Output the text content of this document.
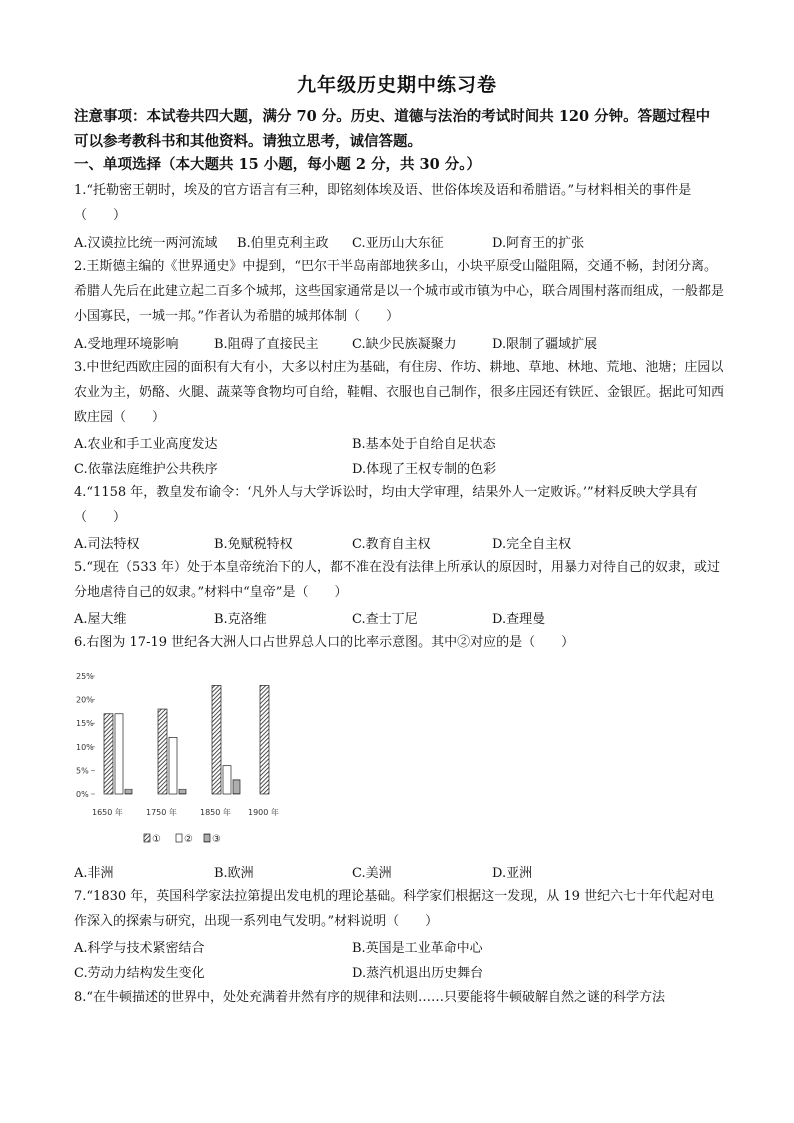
九年级历史期中练习卷
注意事项：本试卷共四大题，满分 70 分。历史、道德与法治的考试时间共 120 分钟。答题过程中可以参考教科书和其他资料。请独立思考，诚信答题。
一、单项选择（本大题共 15 小题，每小题 2 分，共 30 分。）
1.“托勒密王朝时，埃及的官方语言有三种，即铭刻体埃及语、世俗体埃及语和希腊语。”与材料相关的事件是（　　）
A.汉谟拉比统一两河流域 B.伯里克利主政 C.亚历山大东征	D.阿育王的扩张
2.王斯德主编的《世界通史》中提到，“巴尔干半岛南部地狭多山，小块平原受山隘阻隔，交通不畅，封闭分离。希腊人先后在此建立起二百多个城邦，这些国家通常是以一个城市或市镇为中心，联合周围村落而组成，一般都是小国寡民，一城一邦。”作者认为希腊的城邦体制（　　）
A.受地理环境影响	B.阻碍了直接民主	C.缺少民族凝聚力	D.限制了疆域扩展
3.中世纪西欧庄园的面积有大有小，大多以村庄为基础，有住房、作坊、耕地、草地、林地、荒地、池塘；庄园以农业为主，奶酪、火腿、蔬菜等食物均可自给，鞋帽、衣服也自己制作，很多庄园还有铁匠、金银匠。据此可知西欧庄园（　　）
A.农业和手工业高度发达	B.基本处于自给自足状态
C.依靠法庭维护公共秩序	D.体现了王权专制的色彩
4.“1158 年，教皇发布谕令：‘凡外人与大学诉讼时，均由大学审理，结果外人一定败诉。’”材料反映大学具有（　　）
A.司法特权	B.免赋税特权	C.教育自主权	D.完全自主权
5.“现在（533 年）处于本皇帝统治下的人，都不准在没有法律上所承认的原因时，用暴力对待自己的奴隶，或过分地虐待自己的奴隶。”材料中“皇帝”是（　　）
A.屋大维	B.克洛维	C.查士丁尼	D.查理曼
6.右图为 17-19 世纪各大洲人口占世界总人口的比率示意图。其中②对应的是（　　）
0%
5%
10%
15%
20%
25%
1650 年	1750 年	1850 年 1900 年
① ② ③
A.非洲	B.欧洲	C.美洲	D.亚洲
7.“1830 年，英国科学家法拉第提出发电机的理论基础。科学家们根据这一发现，从 19 世纪六七十年代起对电作深入的探索与研究，出现一系列电气发明。”材料说明（　　）
A.科学与技术紧密结合	B.英国是工业革命中心
C.劳动力结构发生变化	D.蒸汽机退出历史舞台
8.“在牛顿描述的世界中，处处充满着井然有序的规律和法则……只要能将牛顿破解自然之谜的科学方法
